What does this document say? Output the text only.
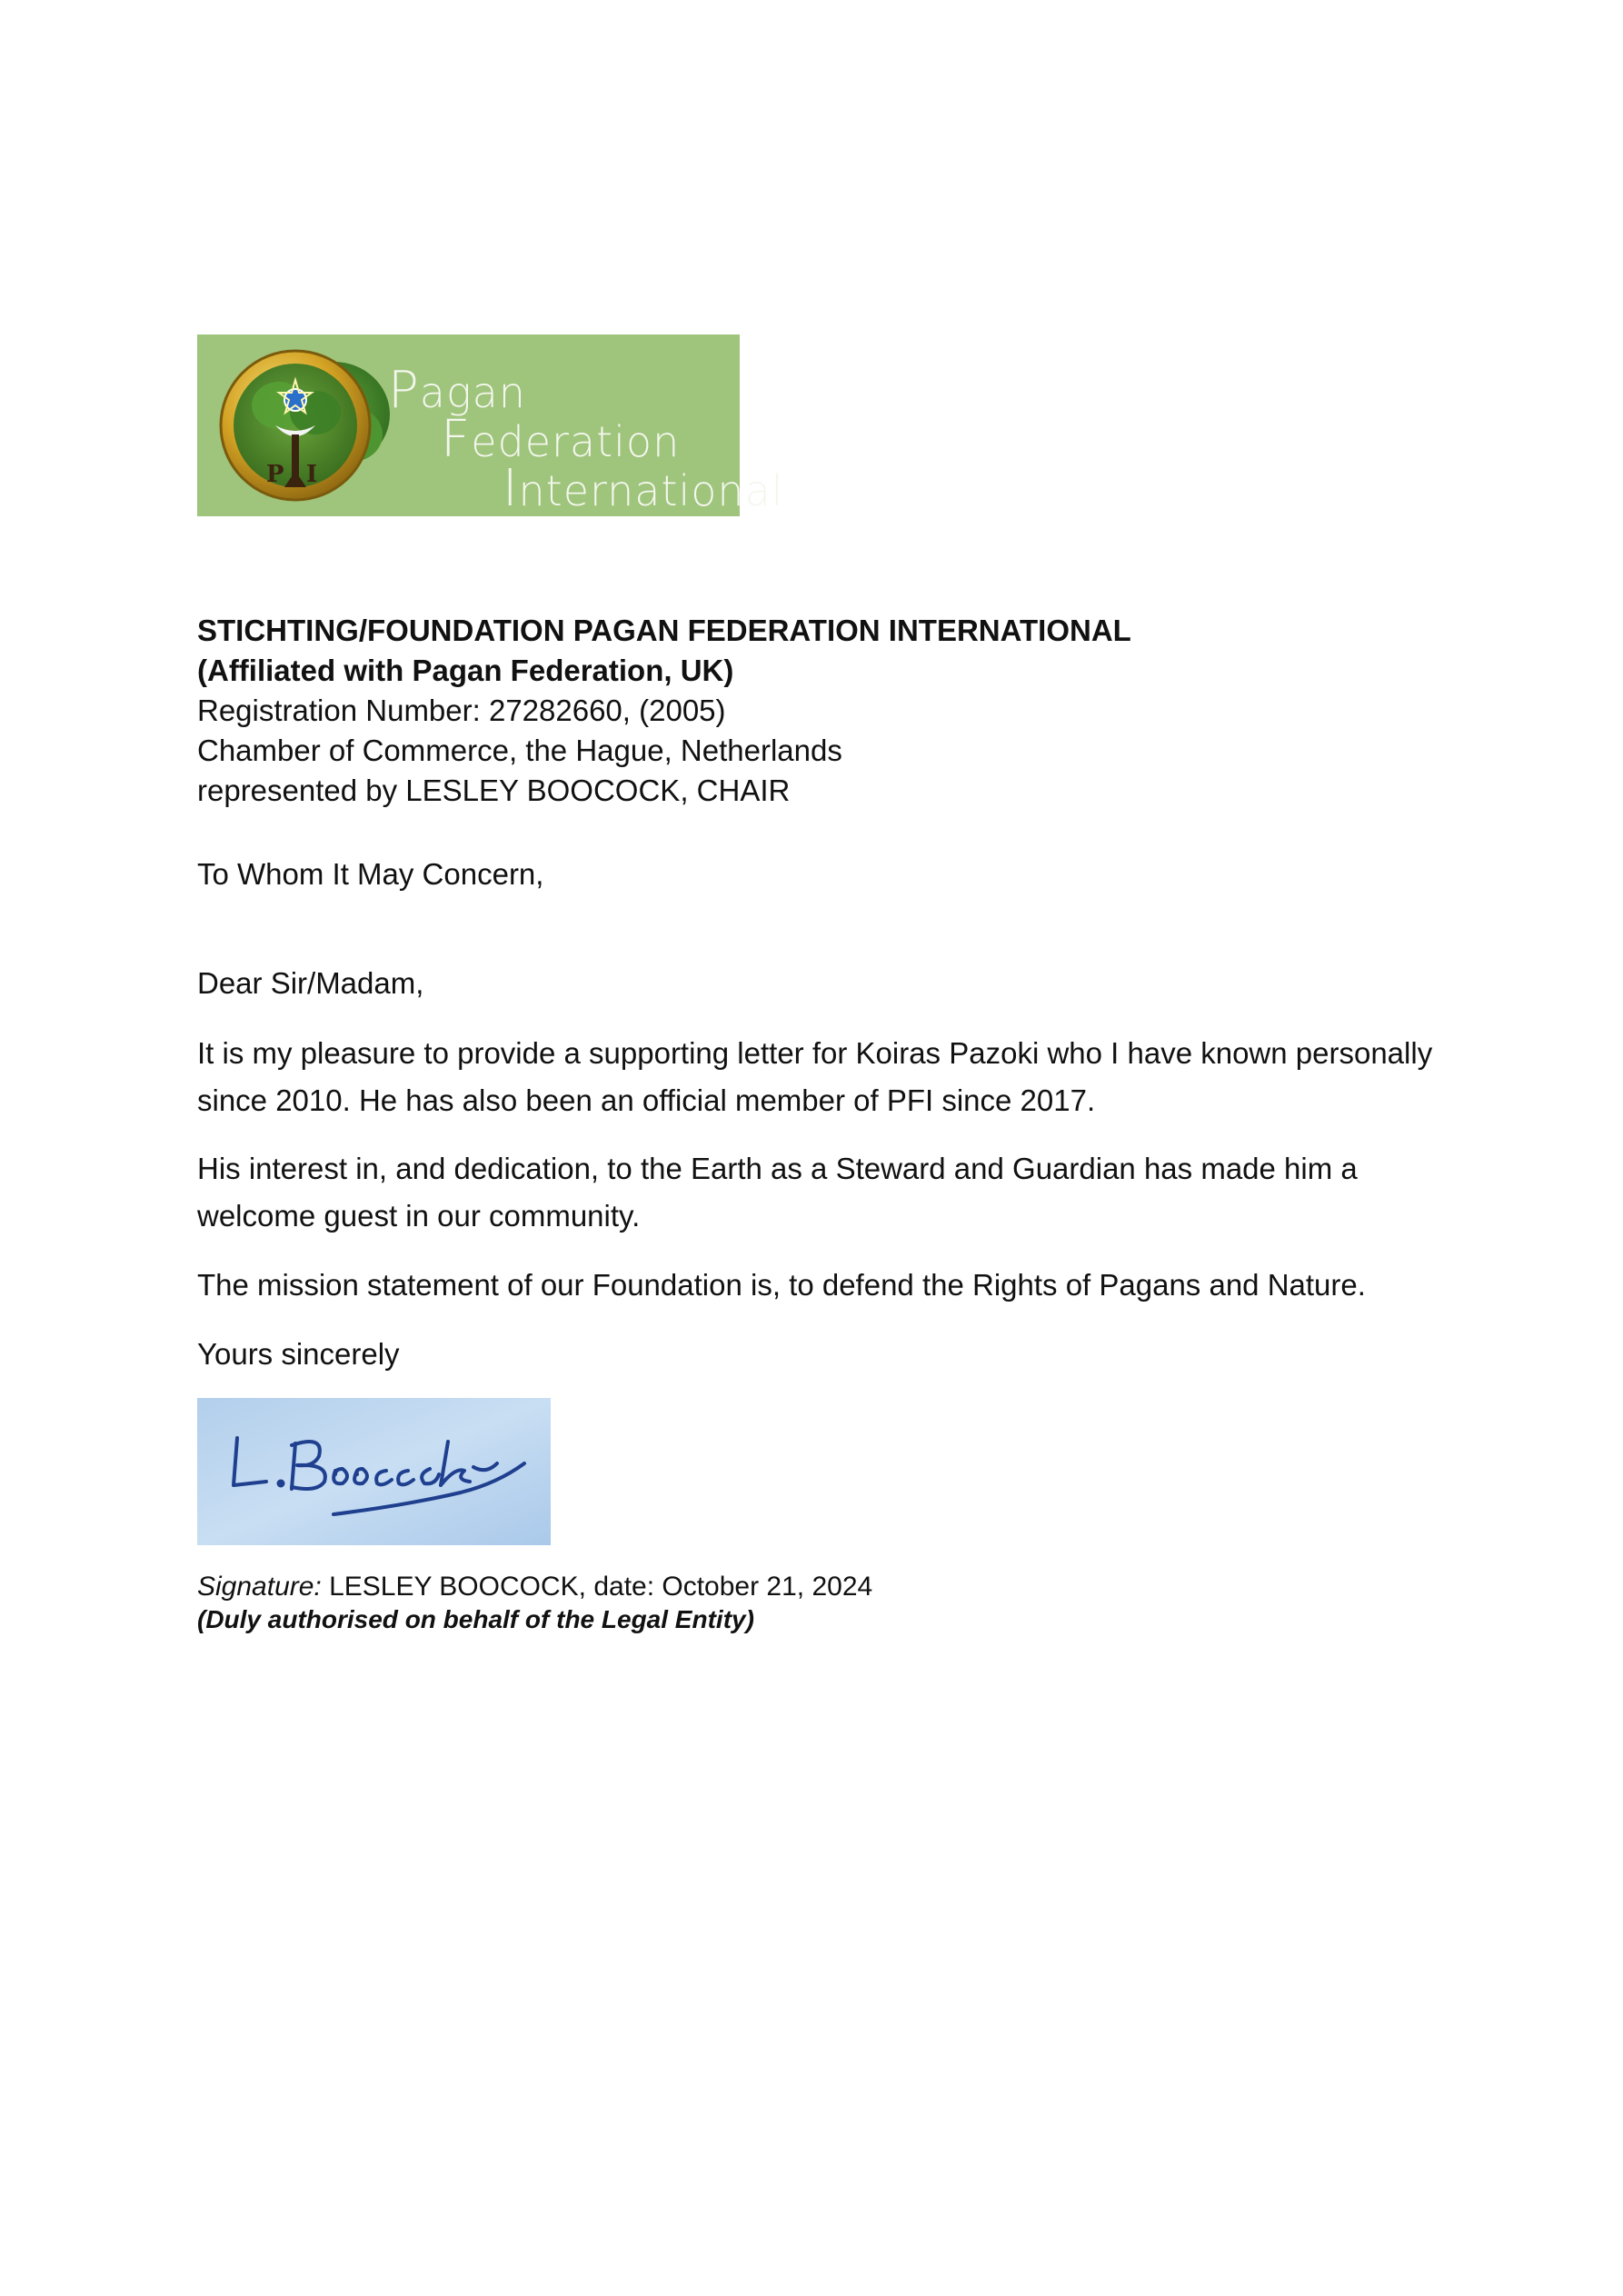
P I
Pagan
Federation
International
STICHTING/FOUNDATION PAGAN FEDERATION INTERNATIONAL
(Affiliated with Pagan Federation, UK)
Registration Number: 27282660, (2005)
Chamber of Commerce, the Hague, Netherlands
represented by LESLEY BOOCOCK, CHAIR
To Whom It May Concern,
Dear Sir/Madam,
It is my pleasure to provide a supporting letter for Koiras Pazoki who I have known personally since 2010. He has also been an official member of PFI since 2017.
His interest in, and dedication, to the Earth as a Steward and Guardian has made him a welcome guest in our community.
The mission statement of our Foundation is, to defend the Rights of Pagans and Nature.
Yours sincerely
Signature: LESLEY BOOCOCK, date: October 21, 2024
(Duly authorised on behalf of the Legal Entity)
